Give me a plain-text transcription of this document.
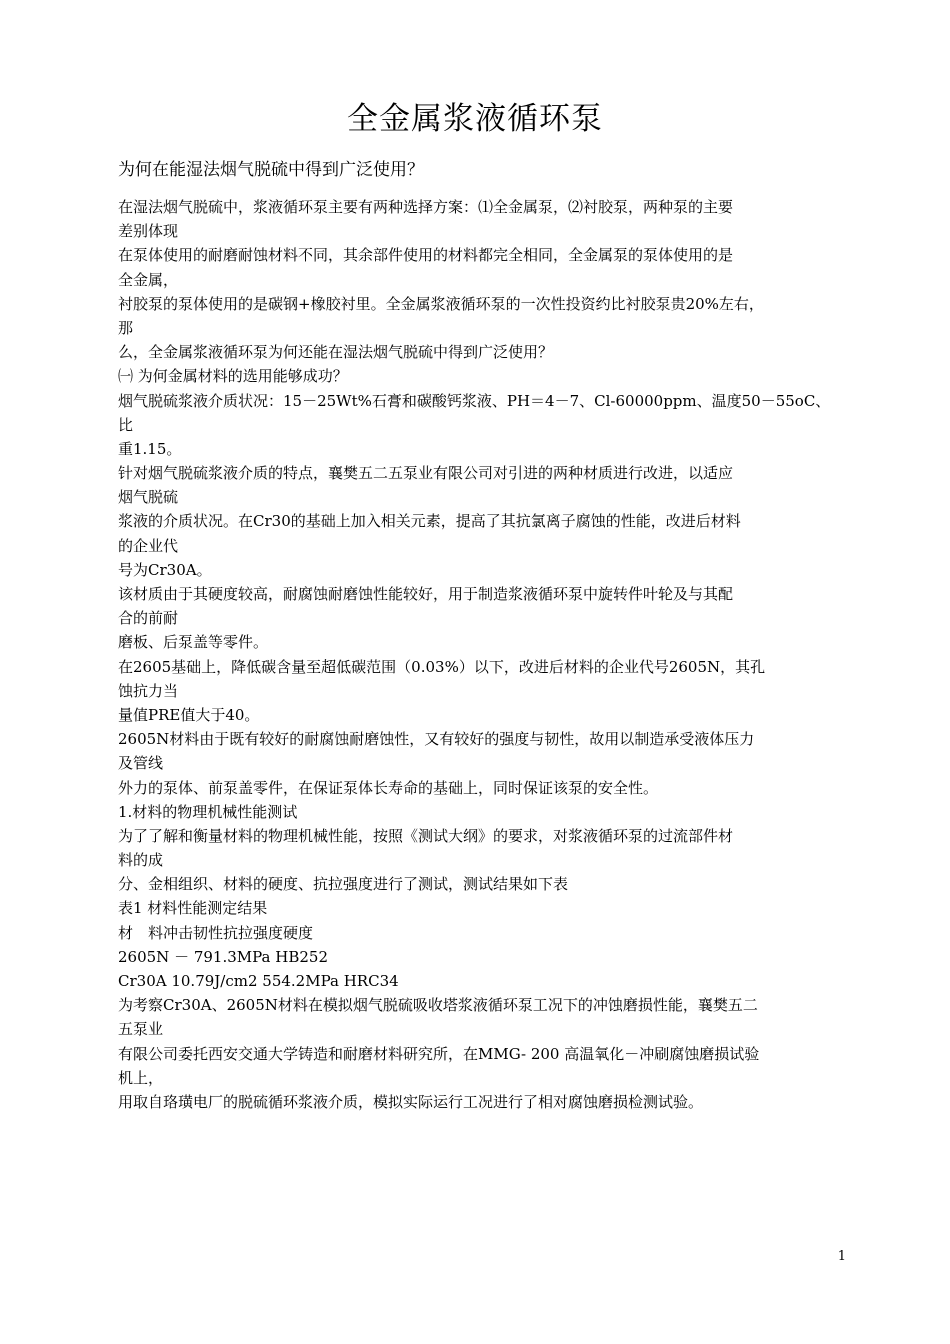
全金属浆液循环泵
为何在能湿法烟气脱硫中得到广泛使用？
在湿法烟气脱硫中，浆液循环泵主要有两种选择方案：⑴全金属泵，⑵衬胶泵，两种泵的主要
差别体现
在泵体使用的耐磨耐蚀材料不同，其余部件使用的材料都完全相同，全金属泵的泵体使用的是
全金属，
衬胶泵的泵体使用的是碳钢+橡胶衬里。全金属浆液循环泵的一次性投资约比衬胶泵贵20%左右，
那
么，全金属浆液循环泵为何还能在湿法烟气脱硫中得到广泛使用？
㈠ 为何金属材料的选用能够成功？
烟气脱硫浆液介质状况：15－25Wt%石膏和碳酸钙浆液、PH＝4－7、Cl-60000ppm、温度50－55oC、
比
重1.15。
针对烟气脱硫浆液介质的特点，襄樊五二五泵业有限公司对引进的两种材质进行改进，以适应
烟气脱硫
浆液的介质状况。在Cr30的基础上加入相关元素，提高了其抗氯离子腐蚀的性能，改进后材料
的企业代
号为Cr30A。
该材质由于其硬度较高，耐腐蚀耐磨蚀性能较好，用于制造浆液循环泵中旋转件叶轮及与其配
合的前耐
磨板、后泵盖等零件。
在2605基础上，降低碳含量至超低碳范围（0.03%）以下，改进后材料的企业代号2605N，其孔
蚀抗力当
量值PRE值大于40。
2605N材料由于既有较好的耐腐蚀耐磨蚀性，又有较好的强度与韧性，故用以制造承受液体压力
及管线
外力的泵体、前泵盖零件，在保证泵体长寿命的基础上，同时保证该泵的安全性。
1.材料的物理机械性能测试
为了了解和衡量材料的物理机械性能，按照《测试大纲》的要求，对浆液循环泵的过流部件材
料的成
分、金相组织、材料的硬度、抗拉强度进行了测试，测试结果如下表
表1 材料性能测定结果
材　料冲击韧性抗拉强度硬度
2605N － 791.3MPa HB252
Cr30A 10.79J/cm2 554.2MPa HRC34
为考察Cr30A、2605N材料在模拟烟气脱硫吸收塔浆液循环泵工况下的冲蚀磨损性能，襄樊五二
五泵业
有限公司委托西安交通大学铸造和耐磨材料研究所，在MMG- 200 高温氧化－冲刷腐蚀磨损试验
机上，
用取自珞璜电厂的脱硫循环浆液介质，模拟实际运行工况进行了相对腐蚀磨损检测试验。
1
